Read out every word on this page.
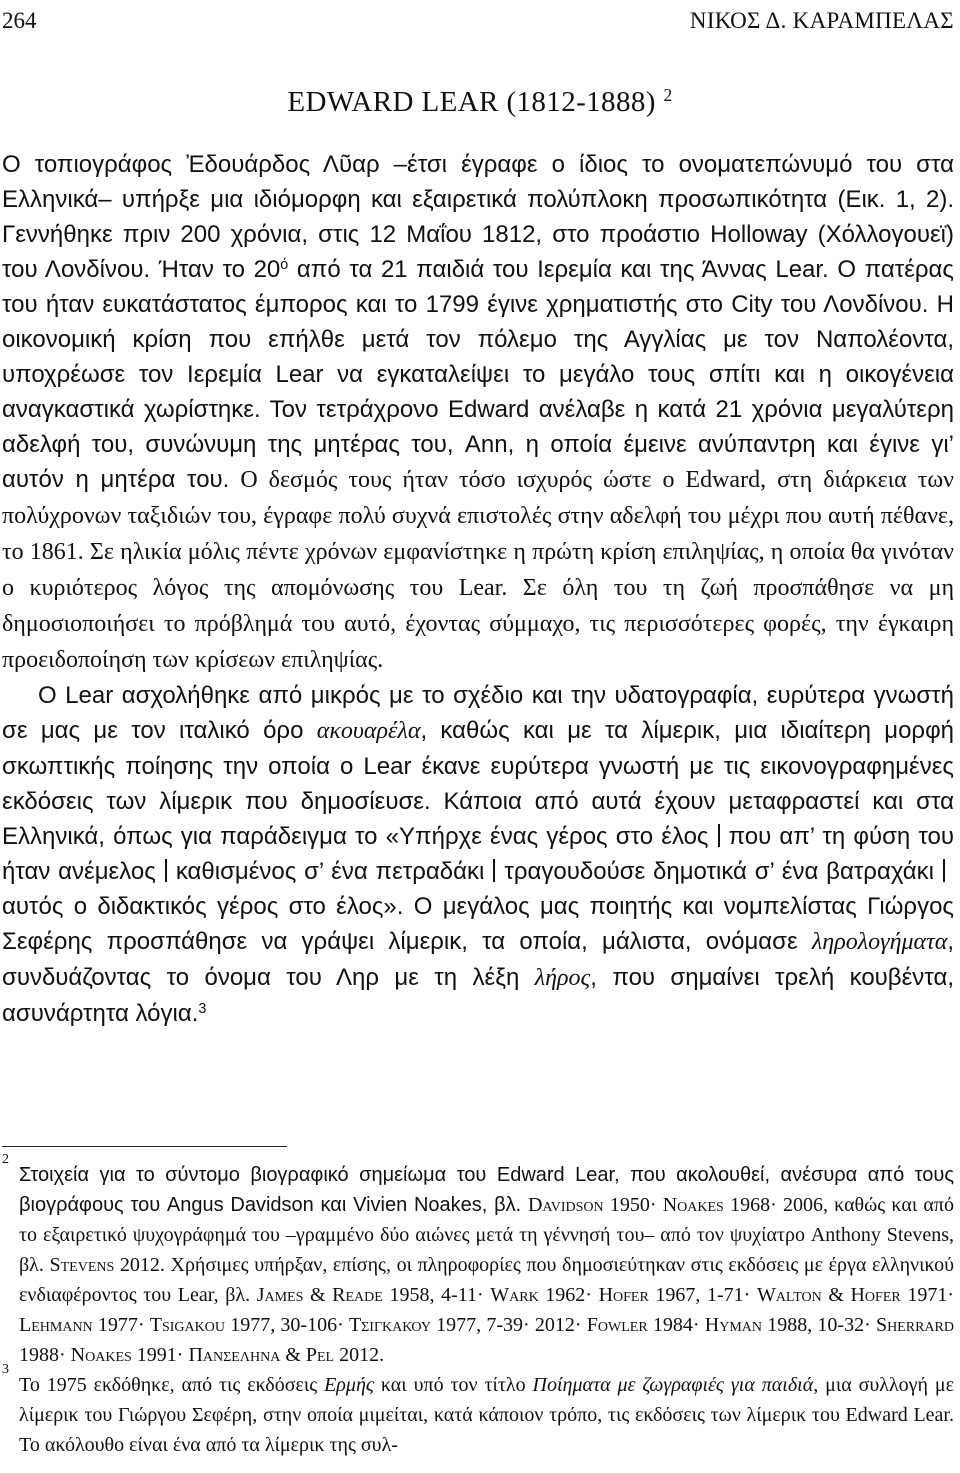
264	ΝΙΚΟΣ Δ. ΚΑΡΑΜΠΕΛΑΣ
EDWARD LEAR (1812-1888) $^2$

Ο τοπιογράφος Ἐδουάρδος Λῦαρ –έτσι έγραφε ο ίδιος το ονοματεπώνυμό του στα Ελληνικά– υπήρξε μια ιδιόμορφη και εξαιρετικά πολύπλοκη προσωπικότητα (Εικ. 1, 2). Γεννήθηκε πριν 200 χρόνια, στις 12 Μαΐου 1812, στο προάστιο Holloway (Χόλλογουεϊ) του Λονδίνου. Ήταν το $20^ό$ από τα 21 παιδιά του Ιερεμία και της Άννας Lear. Ο πατέρας του ήταν ευκατάστατος έμπορος και το 1799 έγινε χρηματιστής στο City του Λονδίνου. Η οικονομική κρίση που επήλθε μετά τον πόλεμο της Αγγλίας με τον Ναπολέοντα, υποχρέωσε τον Ιερεμία Lear να εγκαταλείψει το μεγάλο τους σπίτι και η οικογένεια αναγκαστικά χωρίστηκε. Τον τετράχρονο Edward ανέλαβε η κατά 21 χρόνια μεγαλύτερη αδελφή του, συνώνυμη της μητέρας του, Ann, η οποία έμεινε ανύπαντρη και έγινε γι’ αυτόν η μητέρα του. Ο δεσμός τους ήταν τόσο ισχυρός ώστε ο Edward, στη διάρκεια των πολύχρονων ταξιδιών του, έγραφε πολύ συχνά επιστολές στην αδελφή του μέχρι που αυτή πέθανε, το 1861. Σε ηλικία μόλις πέντε χρόνων εμφανίστηκε η πρώτη κρίση επιληψίας, η οποία θα γινόταν ο κυριότερος λόγος της απομόνωσης του Lear. Σε όλη του τη ζωή προσπάθησε να μη δημοσιοποιήσει το πρόβλημά του αυτό, έχοντας σύμμαχο, τις περισσότερες φορές, την έγκαιρη προειδοποίηση των κρίσεων επιληψίας.

Ο Lear ασχολήθηκε από μικρός με το σχέδιο και την υδατογραφία, ευρύτερα γνωστή σε μας με τον ιταλικό όρο ακουαρέλα, καθώς και με τα λίμερικ, μια ιδιαίτερη μορφή σκωπτικής ποίησης την οποία ο Lear έκανε ευρύτερα γνωστή με τις εικονογραφημένες εκδόσεις των λίμερικ που δημοσίευσε. Κάποια από αυτά έχουν μεταφραστεί και στα Ελληνικά, όπως για παράδειγμα το «Υπήρχε ένας γέρος στο έλος που απ’ τη φύση του ήταν ανέμελος καθισμένος σ’ ένα πετραδάκι τραγουδούσε δημοτικά σ’ ένα βατραχάκιαυτός ο διδακτικός γέρος στο έλος». Ο μεγάλος μας ποιητής και νομπελίστας Γιώργος Σεφέρης προσπάθησε να γράψει λίμερικ, τα οποία, μάλιστα, ονόμασε ληρολογήματα, συνδυάζοντας το όνομα του Ληρ με τη λέξη λήρος, που σημαίνει τρελή κουβέντα, ασυνάρτητα λόγια.$^3$

2
Στοιχεία για το σύντομο βιογραφικό σημείωμα του Edward Lear, που ακολουθεί, ανέσυρα από τους βιογράφους του Angus Davidson και Vivien Noakes, βλ. Davidson 1950· Noakes 1968· 2006, καθώς και από το εξαιρετικό ψυχογράφημά του –γραμμένο δύο αιώνες μετά τη γέννησή του– από τον ψυχίατρο Anthony Stevens, βλ. Stevens 2012. Χρήσιμες υπήρξαν, επίσης, οι πληροφορίες που δημοσιεύτηκαν στις εκδόσεις με έργα ελληνικού ενδιαφέροντος του Lear, βλ. James & Reade 1958, 4-11· Wark 1962· Hofer 1967, 1-71· Walton & Hofer 1971· Lehmann 1977· Tsigakou 1977, 30-106· Τσιγκακου 1977, 7-39· 2012· Fowler 1984· Hyman 1988, 10-32· Sherrard 1988· Noakes 1991· Πανσεληνα & Pel 2012.

3
Το 1975 εκδόθηκε, από τις εκδόσεις Ερμής και υπό τον τίτλο Ποίηματα με ζωγραφιές για παιδιά, μια συλλογή με λίμερικ του Γιώργου Σεφέρη, στην οποία μιμείται, κατά κάποιον τρόπο, τις εκδόσεις των λίμερικ του Edward Lear. Το ακόλουθο είναι ένα από τα λίμερικ της συλ-
